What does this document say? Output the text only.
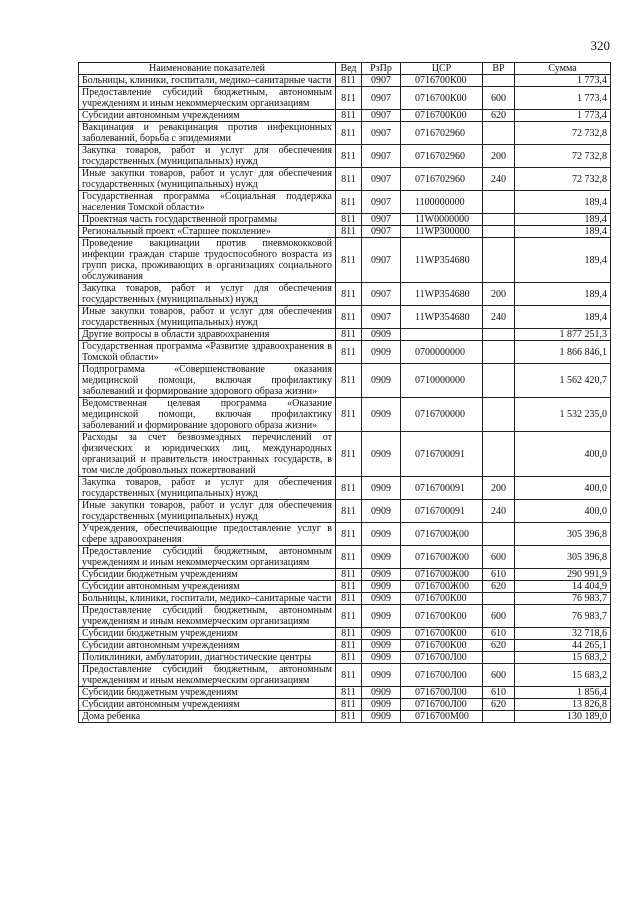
320
Наименование показателей	Вед	РзПр	ЦСР	ВР	Сумма
Больницы, клиники, госпитали, медико–санитарные части	811	0907	0716700К00		1 773,4
Предоставление субсидий бюджетным, автономным учреждениям и иным некоммерческим организациям	811	0907	0716700К00	600	1 773,4
Субсидии автономным учреждениям	811	0907	0716700К00	620	1 773,4
Вакцинация и ревакцинация против инфекционных заболеваний, борьба с эпидемиями	811	0907	0716702960		72 732,8
Закупка товаров, работ и услуг для обеспечения государственных (муниципальных) нужд	811	0907	0716702960	200	72 732,8
Иные закупки товаров, работ и услуг для обеспечения государственных (муниципальных) нужд	811	0907	0716702960	240	72 732,8
Государственная программа «Социальная поддержка населения Томской области»	811	0907	1100000000		189,4
Проектная часть государственной программы	811	0907	11W0000000		189,4
Региональный проект «Старшее поколение»	811	0907	11WP300000		189,4
Проведение вакцинации против пневмококковой инфекции граждан старше трудоспособного возраста из групп риска, проживающих в организациях социального обслуживания	811	0907	11WP354680		189,4
Закупка товаров, работ и услуг для обеспечения государственных (муниципальных) нужд	811	0907	11WP354680	200	189,4
Иные закупки товаров, работ и услуг для обеспечения государственных (муниципальных) нужд	811	0907	11WP354680	240	189,4
Другие вопросы в области здравоохранения	811	0909			1 877 251,3
Государственная программа «Развитие здравоохранения в Томской области»	811	0909	0700000000		1 866 846,1
Подпрограмма «Совершенствование оказания медицинской помощи, включая профилактику заболеваний и формирование здорового образа жизни»	811	0909	0710000000		1 562 420,7
Ведомственная целевая программа «Оказание медицинской помощи, включая профилактику заболеваний и формирование здорового образа жизни»	811	0909	0716700000		1 532 235,0
Расходы за счет безвозмездных перечислений от физических и юридических лиц, международных организаций и правительств иностранных государств, в том числе добровольных пожертвований	811	0909	0716700091		400,0
Закупка товаров, работ и услуг для обеспечения государственных (муниципальных) нужд	811	0909	0716700091	200	400,0
Иные закупки товаров, работ и услуг для обеспечения государственных (муниципальных) нужд	811	0909	0716700091	240	400,0
Учреждения, обеспечивающие предоставление услуг в сфере здравоохранения	811	0909	0716700Ж00		305 396,8
Предоставление субсидий бюджетным, автономным учреждениям и иным некоммерческим организациям	811	0909	0716700Ж00	600	305 396,8
Субсидии бюджетным учреждениям	811	0909	0716700Ж00	610	290 991,9
Субсидии автономным учреждениям	811	0909	0716700Ж00	620	14 404,9
Больницы, клиники, госпитали, медико–санитарные части	811	0909	0716700К00		76 983,7
Предоставление субсидий бюджетным, автономным учреждениям и иным некоммерческим организациям	811	0909	0716700К00	600	76 983,7
Субсидии бюджетным учреждениям	811	0909	0716700К00	610	32 718,6
Субсидии автономным учреждениям	811	0909	0716700К00	620	44 265,1
Поликлиники, амбулатории, диагностические центры	811	0909	0716700Л00		15 683,2
Предоставление субсидий бюджетным, автономным учреждениям и иным некоммерческим организациям	811	0909	0716700Л00	600	15 683,2
Субсидии бюджетным учреждениям	811	0909	0716700Л00	610	1 856,4
Субсидии автономным учреждениям	811	0909	0716700Л00	620	13 826,8
Дома ребенка	811	0909	0716700М00		130 189,0
